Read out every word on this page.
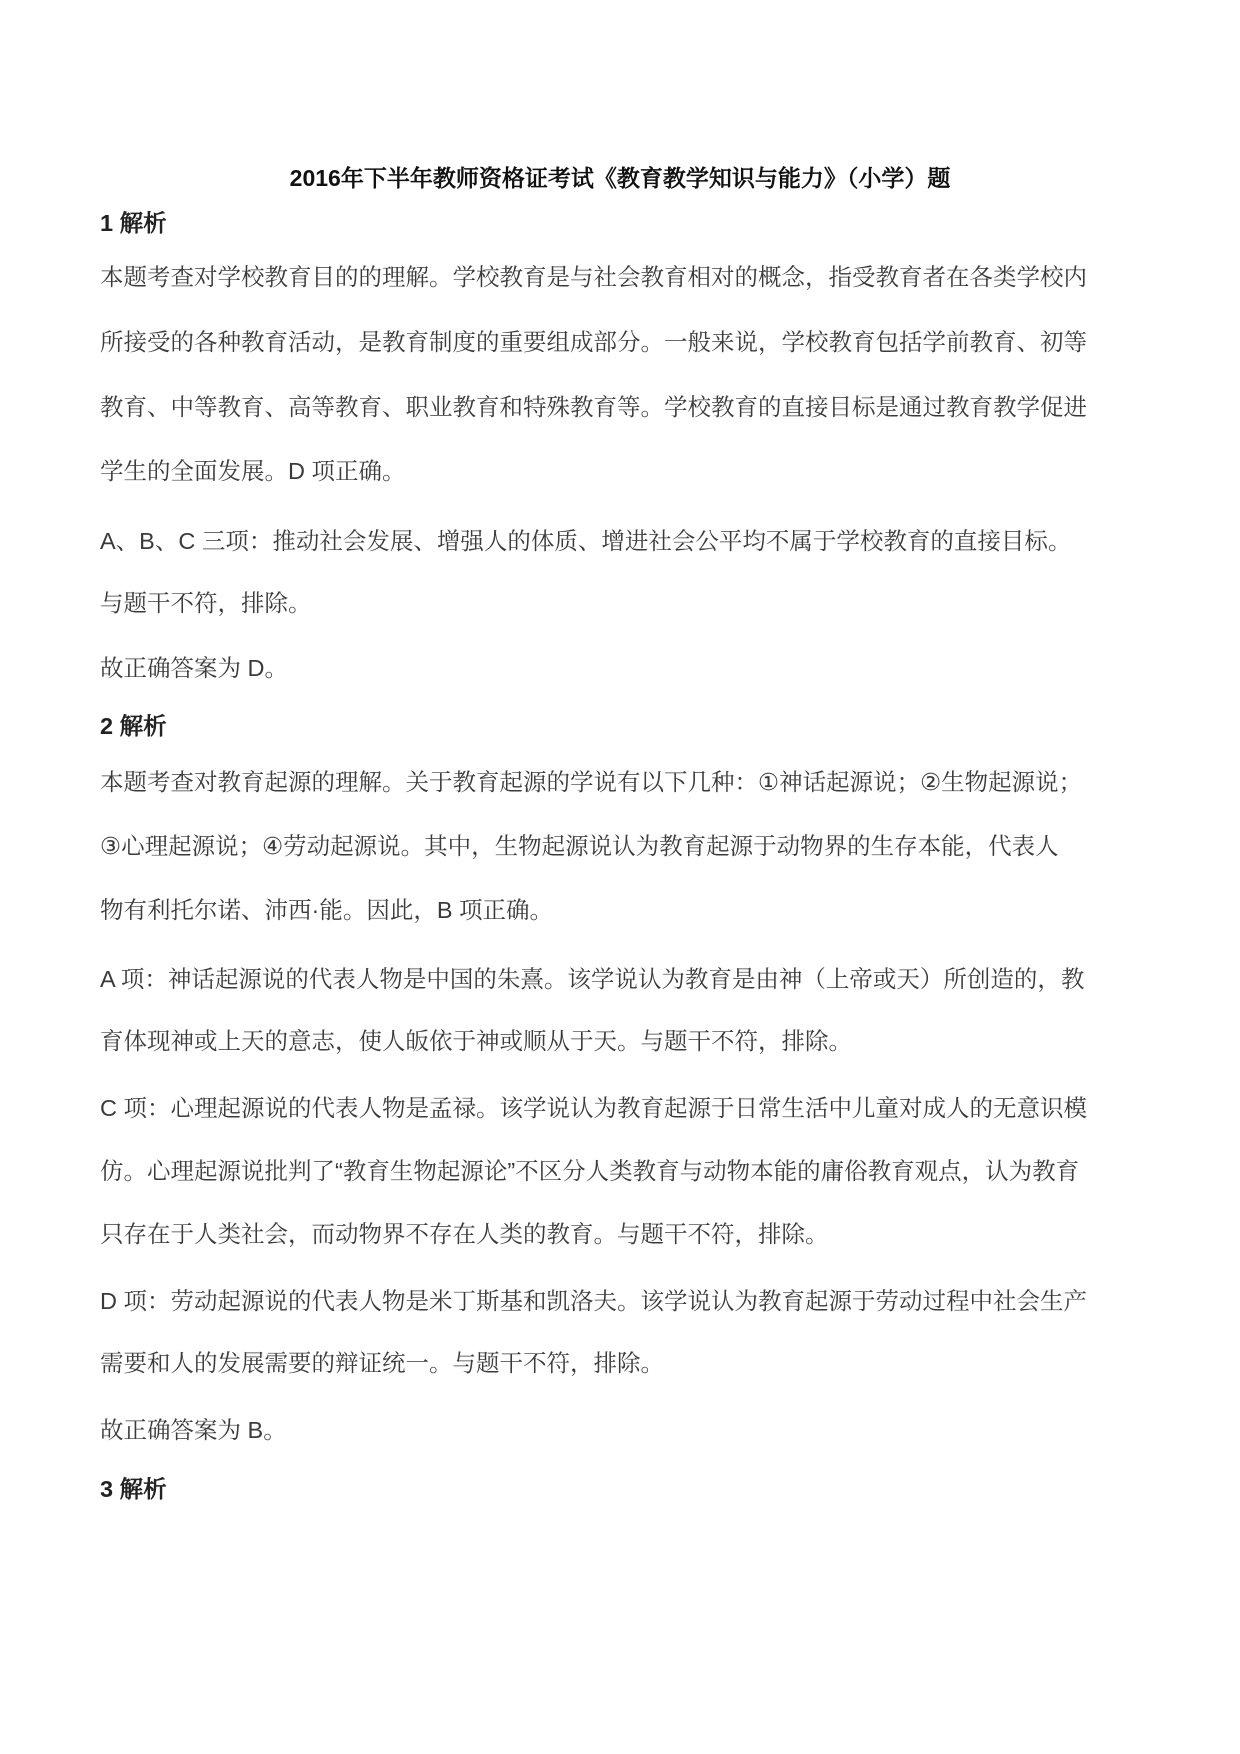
2016年下半年教师资格证考试《教育教学知识与能力》（小学）题
1 解析
本题考查对学校教育目的的理解。学校教育是与社会教育相对的概念，指受教育者在各类学校内
所接受的各种教育活动，是教育制度的重要组成部分。一般来说，学校教育包括学前教育、初等
教育、中等教育、高等教育、职业教育和特殊教育等。学校教育的直接目标是通过教育教学促进
学生的全面发展。D 项正确。
A、B、C 三项：推动社会发展、增强人的体质、增进社会公平均不属于学校教育的直接目标。
与题干不符，排除。
故正确答案为 D。
2 解析
本题考查对教育起源的理解。关于教育起源的学说有以下几种：①神话起源说；②生物起源说；
③心理起源说；④劳动起源说。其中，生物起源说认为教育起源于动物界的生存本能，代表人
物有利托尔诺、沛西·能。因此，B 项正确。
A 项：神话起源说的代表人物是中国的朱熹。该学说认为教育是由神（上帝或天）所创造的，教
育体现神或上天的意志，使人皈依于神或顺从于天。与题干不符，排除。
C 项：心理起源说的代表人物是孟禄。该学说认为教育起源于日常生活中儿童对成人的无意识模
仿。心理起源说批判了“教育生物起源论”不区分人类教育与动物本能的庸俗教育观点，认为教育
只存在于人类社会，而动物界不存在人类的教育。与题干不符，排除。
D 项：劳动起源说的代表人物是米丁斯基和凯洛夫。该学说认为教育起源于劳动过程中社会生产
需要和人的发展需要的辩证统一。与题干不符，排除。
故正确答案为 B。
3 解析
